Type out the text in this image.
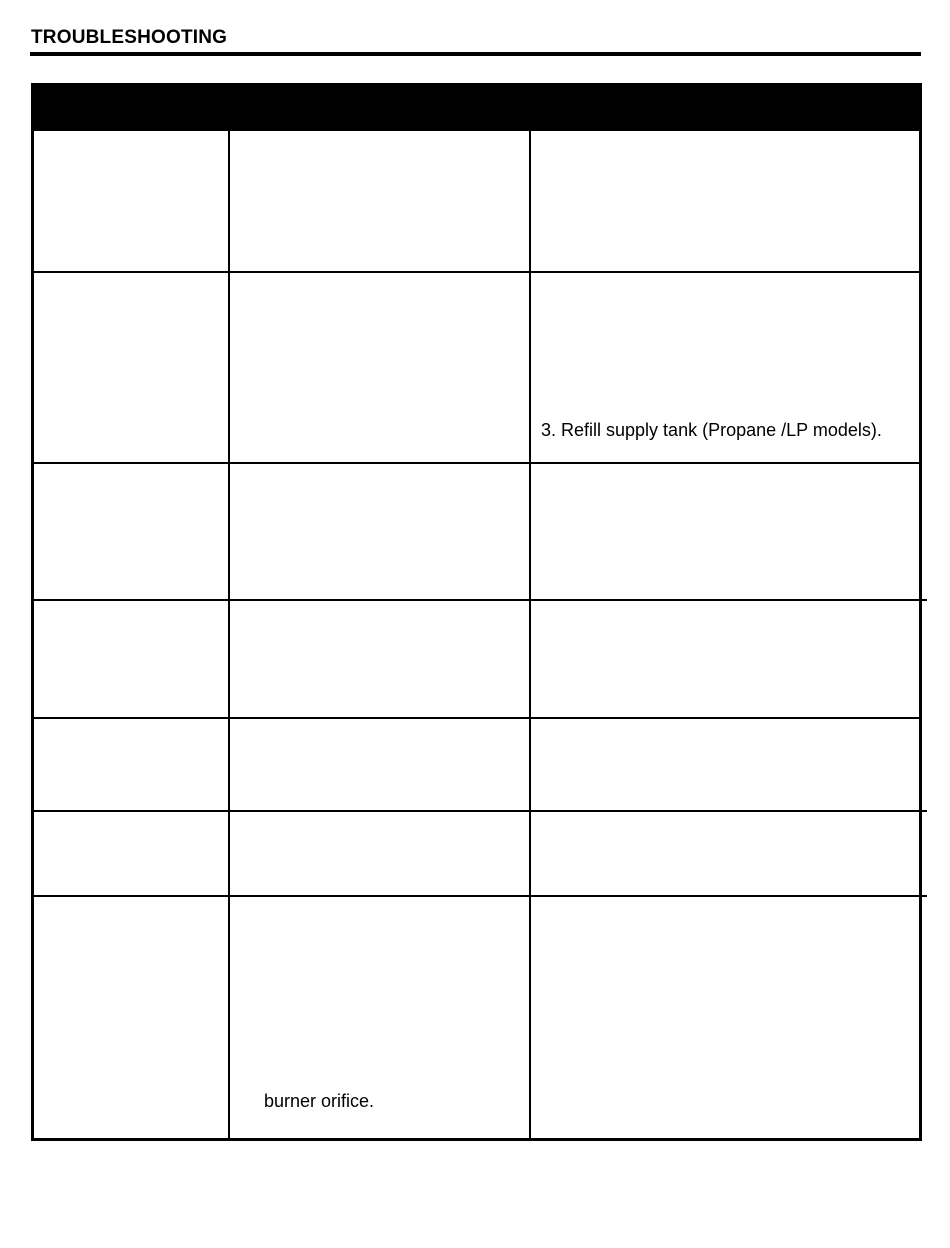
TROUBLESHOOTING
3. Refill supply tank (Propane /LP models).
burner orifice.
